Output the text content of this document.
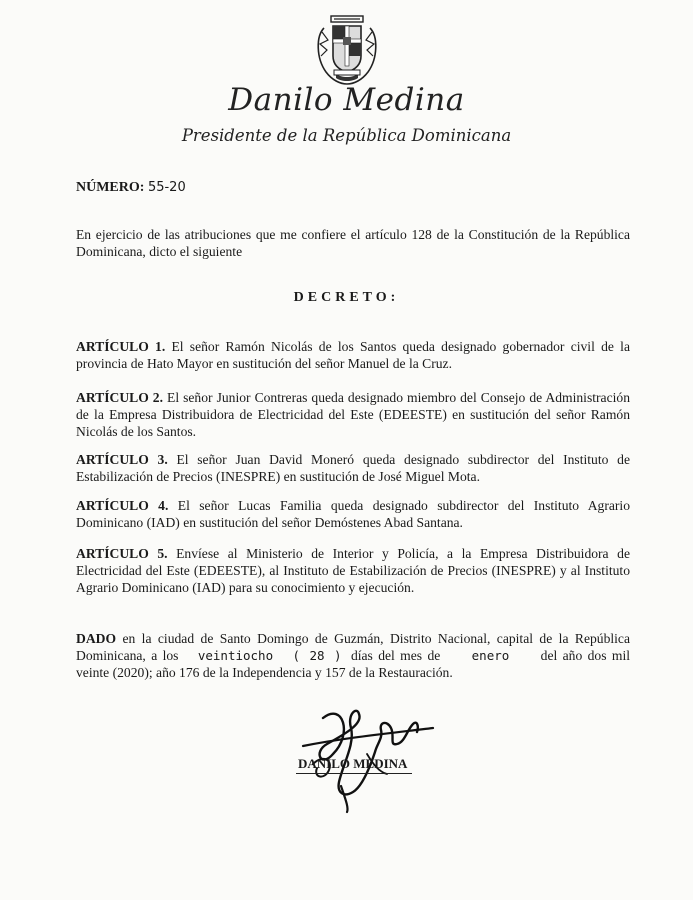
Danilo Medina
Presidente de la República Dominicana
NÚMERO: 55-20
En ejercicio de las atribuciones que me confiere el artículo 128 de la Constitución de la República Dominicana, dicto el siguiente
DECRETO:
ARTÍCULO 1. El señor Ramón Nicolás de los Santos queda designado gobernador civil de la provincia de Hato Mayor en sustitución del señor Manuel de la Cruz.
ARTÍCULO 2. El señor Junior Contreras queda designado miembro del Consejo de Administración de la Empresa Distribuidora de Electricidad del Este (EDEESTE) en sustitución del señor Ramón Nicolás de los Santos.
ARTÍCULO 3. El señor Juan David Moneró queda designado subdirector del Instituto de Estabilización de Precios (INESPRE) en sustitución de José Miguel Mota.
ARTÍCULO 4. El señor Lucas Familia queda designado subdirector del Instituto Agrario Dominicano (IAD) en sustitución del señor Demóstenes Abad Santana.
ARTÍCULO 5. Envíese al Ministerio de Interior y Policía, a la Empresa Distribuidora de Electricidad del Este (EDEESTE), al Instituto de Estabilización de Precios (INESPRE) y al Instituto Agrario Dominicano (IAD) para su conocimiento y ejecución.
DADO en la ciudad de Santo Domingo de Guzmán, Distrito Nacional, capital de la República Dominicana, a los veintiocho ( 28 ) días del mes de	enero del año dos mil veinte (2020); año 176 de la Independencia y 157 de la Restauración.
DANILO MEDINA
